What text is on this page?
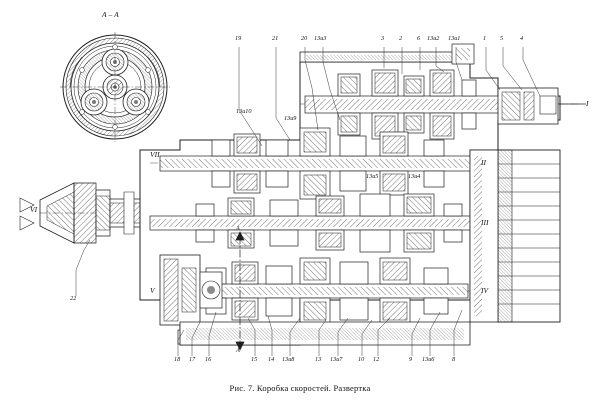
А – А
I
II
III
IV
V
VI
VII
А
А
19	21	20 13и3	3 2 6 13и2 13и1	1 5	4
13и10
13и9
13и5	13и4
18 17 16	15 14 13и8	13 13и7	10 12	9 13и6	8
22
Рис. 7. Коробка скоростей. Развертка
